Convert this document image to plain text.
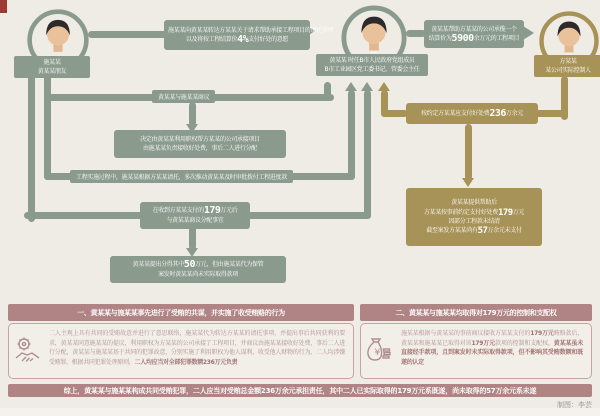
施某某
黄某某朋友
黄某某 时任B市人民政府党组成员
B市工业园区党工委书记、管委会主任
方某某
某公司实际控制人
施某某向黄某某转达方某某关于请求帮助承接工程项目的请托事项
以及将按工程结算价4%支付好处的意愿
黄某某帮助方某某的公司承揽一个
结算价为5900余万元的工程项目
黄某某与施某某商议
决定由黄某某利用职权帮方某某的公司承接项目
由施某某负责接收好处费，事后二人进行分配
工程实施过程中，施某某根据方某某请托，多次推动黄某某及时审批拨付工程进度款
在收到方某某支付的179万元后
与黄某某商议分配事宜
黄某某提出分得其中50万元，但由施某某代为保管
案发时黄某某尚未实际取得款项
按约定方某某应支付好处费236万余元
黄某某提供帮助后
方某某按事前约定支付好处费179万元
因部分工程款未结清
截至案发方某某尚有57万余元未支付
一、黄某某与施某某事先进行了受贿的共谋，并实施了收受贿赂的行为
二人主观上具有共同的受贿故意并进行了意思联络，施某某代为转达方某某的请托事项，并提出事后共同获利的要求，黄某某同意施某某的提议，利用职权为方某某的公司承接了工程项目，并商议由施某某接收好处费，事后二人进行分配，黄某某与施某某基于共同的犯罪故意，分别实施了利用职权为他人谋利、收受他人财物的行为，二人均涉嫌受贿罪，根据共同犯罪处理原则，二人均应当对全部犯罪数额236万元负责
二、黄某某与施某某均取得对179万元的控制和支配权
施某某根据与黄某某的事前商议接收方某某支付的179万元贿赂款后，黄某某和施某某已取得对该179万元款项的控制和支配权，黄某某虽未直接经手款项，且到案发时未实际取得款项，但不影响其受贿数额和既遂的认定
¥
综上，黄某某与施某某构成共同受贿犯罪，二人应当对受贿总金额236万余元承担责任，其中二人已实际取得的179万元系既遂，尚未取得的57万余元系未遂
制图：李芸
